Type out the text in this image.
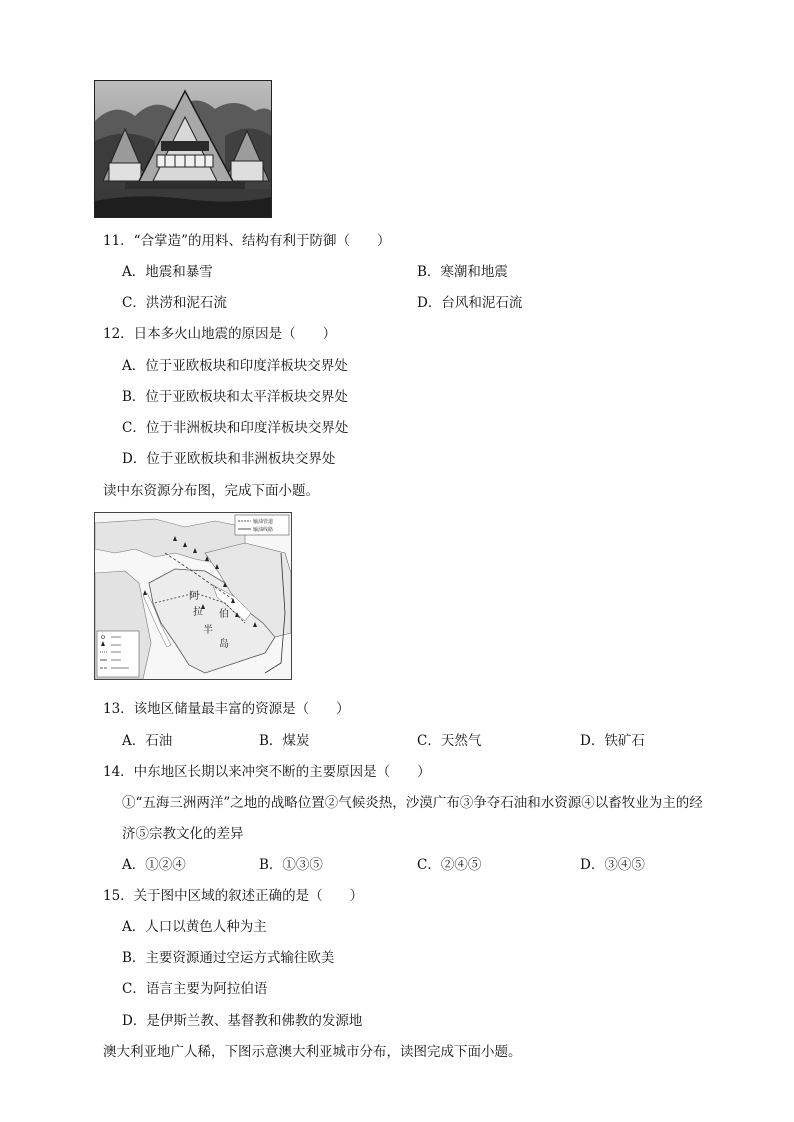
11．“合掌造”的用料、结构有利于防御（　　）
A．地震和暴雪	B．寒潮和地震
C．洪涝和泥石流	D．台风和泥石流
12．日本多火山地震的原因是（　　）
A．位于亚欧板块和印度洋板块交界处
B．位于亚欧板块和太平洋板块交界处
C．位于非洲板块和印度洋板块交界处
D．位于亚欧板块和非洲板块交界处
读中东资源分布图，完成下面小题。
阿
拉 伯
半
岛
输油管道
输油线路
13．该地区储量最丰富的资源是（　　）
A．石油	B．煤炭	C．天然气	D．铁矿石
14．中东地区长期以来冲突不断的主要原因是（　　）
①“五海三洲两洋”之地的战略位置②气候炎热，沙漠广布③争夺石油和水资源④以畜牧业为主的经
济⑤宗教文化的差异
A．①②④	B．①③⑤	C．②④⑤	D．③④⑤
15．关于图中区域的叙述正确的是（　　）
A．人口以黄色人种为主
B．主要资源通过空运方式输往欧美
C．语言主要为阿拉伯语
D．是伊斯兰教、基督教和佛教的发源地
澳大利亚地广人稀，下图示意澳大利亚城市分布，读图完成下面小题。
